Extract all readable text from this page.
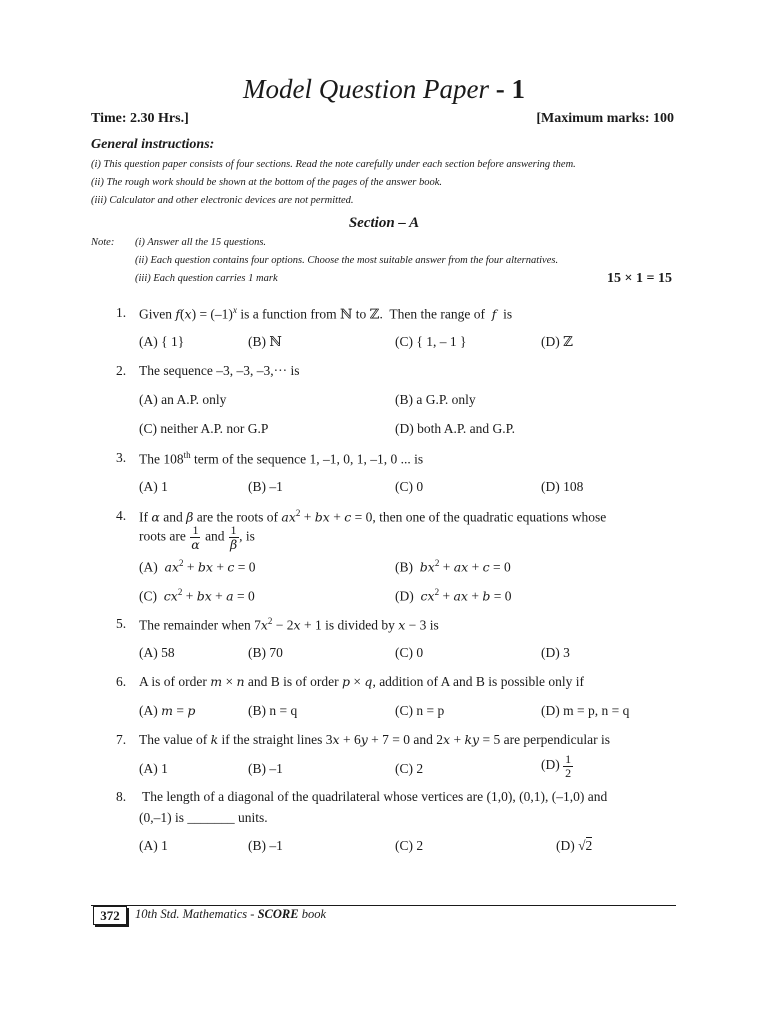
Model Question Paper - 1
Time: 2.30 Hrs.]	[Maximum marks: 100
General instructions:
(i) This question paper consists of four sections. Read the note carefully under each section before answering them.
(ii) The rough work should be shown at the bottom of the pages of the answer book.
(iii) Calculator and other electronic devices are not permitted.
Section – A
Note: (i) Answer all the 15 questions.
(ii) Each question contains four options. Choose the most suitable answer from the four alternatives.
(iii) Each question carries 1 mark	15 × 1 = 15
1. Given $f(x) = (-1)^x$ is a function from ℕ to ℤ.  Then the range of  f  is
(A) { 1}	(B) ℕ	(C) { 1, – 1 }	(D) ℤ
2. The sequence –3, –3, –3,··· is
(A) an A.P. only	(B) a G.P. only
(C) neither A.P. nor G.P	(D) both A.P. and G.P.
3. The 108th term of the sequence 1, –1, 0, 1, –1, 0 ... is
(A) 1	(B) –1	(C) 0	(D) 108
4. If α and β are the roots of $ax^2$ + bx + c = 0, then one of the quadratic equations whose
roots are $\frac{1}{\alpha}$ and $\frac{1}{\beta}$ , is
(A) $ax^2$ + bx + c = 0	(B) $bx^2$ + ax + c = 0
(C) $cx^2$ + bx + a = 0	(D) $cx^2$ + ax + b = 0
5. The remainder when $7x^2 - 2x + 1$ is divided by x − 3 is
(A) 58	(B) 70	(C) 0	(D) 3
6. A is of order m × n and B is of order p × q, addition of A and B is possible only if
(A) m = p	(B) n = q	(C) n = p	(D) m = p, n = q
7. The value of k if the straight lines 3x + 6y + 7 = 0 and 2x + ky = 5 are perpendicular is
(A) 1	(B) –1	(C) 2	$(D) \frac{1}{2}$
8. The length of a diagonal of the quadrilateral whose vertices are (1,0), (0,1), (–1,0) and
(0,–1) is _______ units.
(A) 1	(B) –1	(C) 2	(D) √2
372	10th Std. Mathematics - SCORE book
